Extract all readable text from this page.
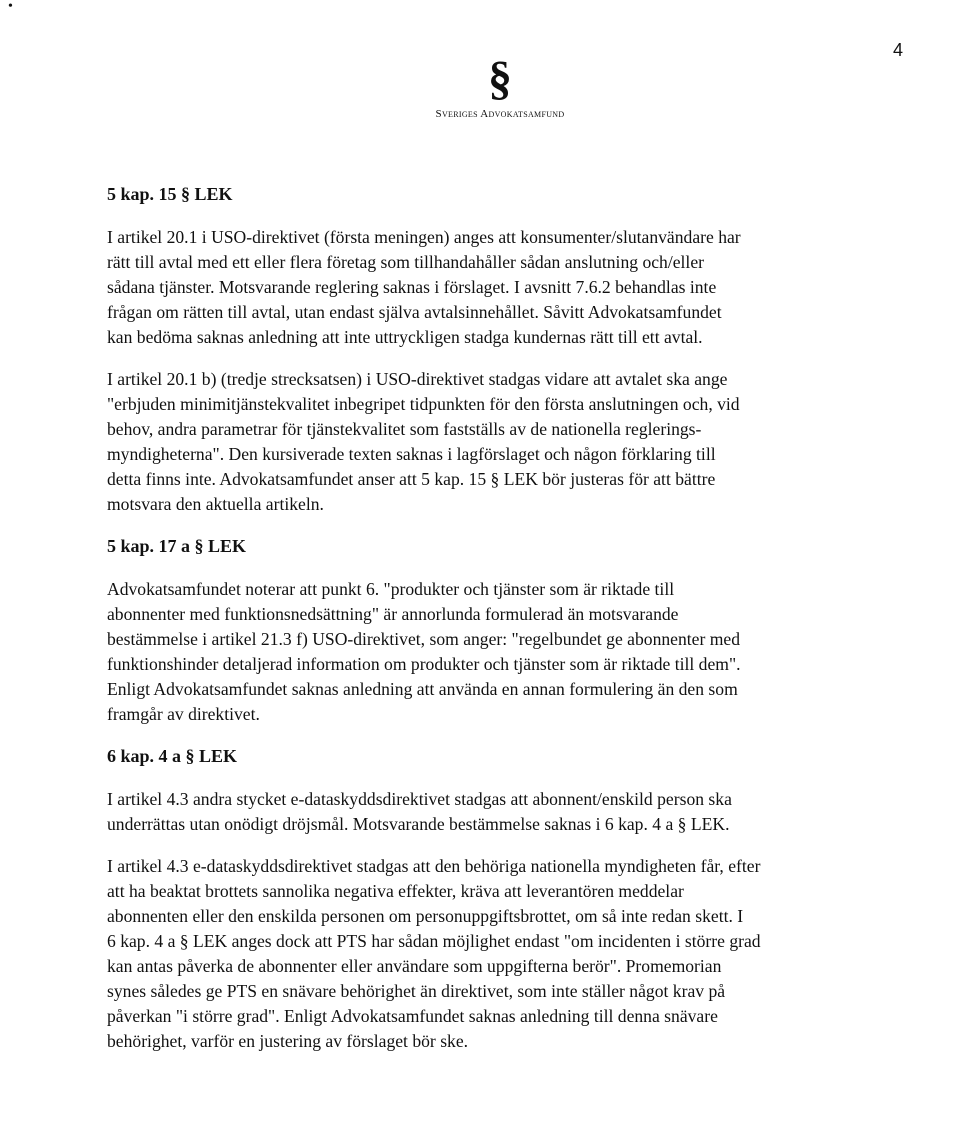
•
4
§
Sveriges Advokatsamfund
5 kap. 15 § LEK
I artikel 20.1 i USO-direktivet (första meningen) anges att konsumenter/slutanvändare har
rätt till avtal med ett eller flera företag som tillhandahåller sådan anslutning och/eller
sådana tjänster. Motsvarande reglering saknas i förslaget. I avsnitt 7.6.2 behandlas inte
frågan om rätten till avtal, utan endast själva avtalsinnehållet. Såvitt Advokatsamfundet
kan bedöma saknas anledning att inte uttryckligen stadga kundernas rätt till ett avtal.
I artikel 20.1 b) (tredje strecksatsen) i USO-direktivet stadgas vidare att avtalet ska ange
"erbjuden minimitjänstekvalitet inbegripet tidpunkten för den första anslutningen och, vid
behov, andra parametrar för tjänstekvalitet som fastställs av de nationella reglerings-
myndigheterna". Den kursiverade texten saknas i lagförslaget och någon förklaring till
detta finns inte. Advokatsamfundet anser att 5 kap. 15 § LEK bör justeras för att bättre
motsvara den aktuella artikeln.
5 kap. 17 a § LEK
Advokatsamfundet noterar att punkt 6. "produkter och tjänster som är riktade till
abonnenter med funktionsnedsättning" är annorlunda formulerad än motsvarande
bestämmelse i artikel 21.3 f) USO-direktivet, som anger: "regelbundet ge abonnenter med
funktionshinder detaljerad information om produkter och tjänster som är riktade till dem".
Enligt Advokatsamfundet saknas anledning att använda en annan formulering än den som
framgår av direktivet.
6 kap. 4 a § LEK
I artikel 4.3 andra stycket e-dataskyddsdirektivet stadgas att abonnent/enskild person ska
underrättas utan onödigt dröjsmål. Motsvarande bestämmelse saknas i 6 kap. 4 a § LEK.
I artikel 4.3 e-dataskyddsdirektivet stadgas att den behöriga nationella myndigheten får, efter
att ha beaktat brottets sannolika negativa effekter, kräva att leverantören meddelar
abonnenten eller den enskilda personen om personuppgiftsbrottet, om så inte redan skett. I
6 kap. 4 a § LEK anges dock att PTS har sådan möjlighet endast "om incidenten i större grad
kan antas påverka de abonnenter eller användare som uppgifterna berör". Promemorian
synes således ge PTS en snävare behörighet än direktivet, som inte ställer något krav på
påverkan "i större grad". Enligt Advokatsamfundet saknas anledning till denna snävare
behörighet, varför en justering av förslaget bör ske.
